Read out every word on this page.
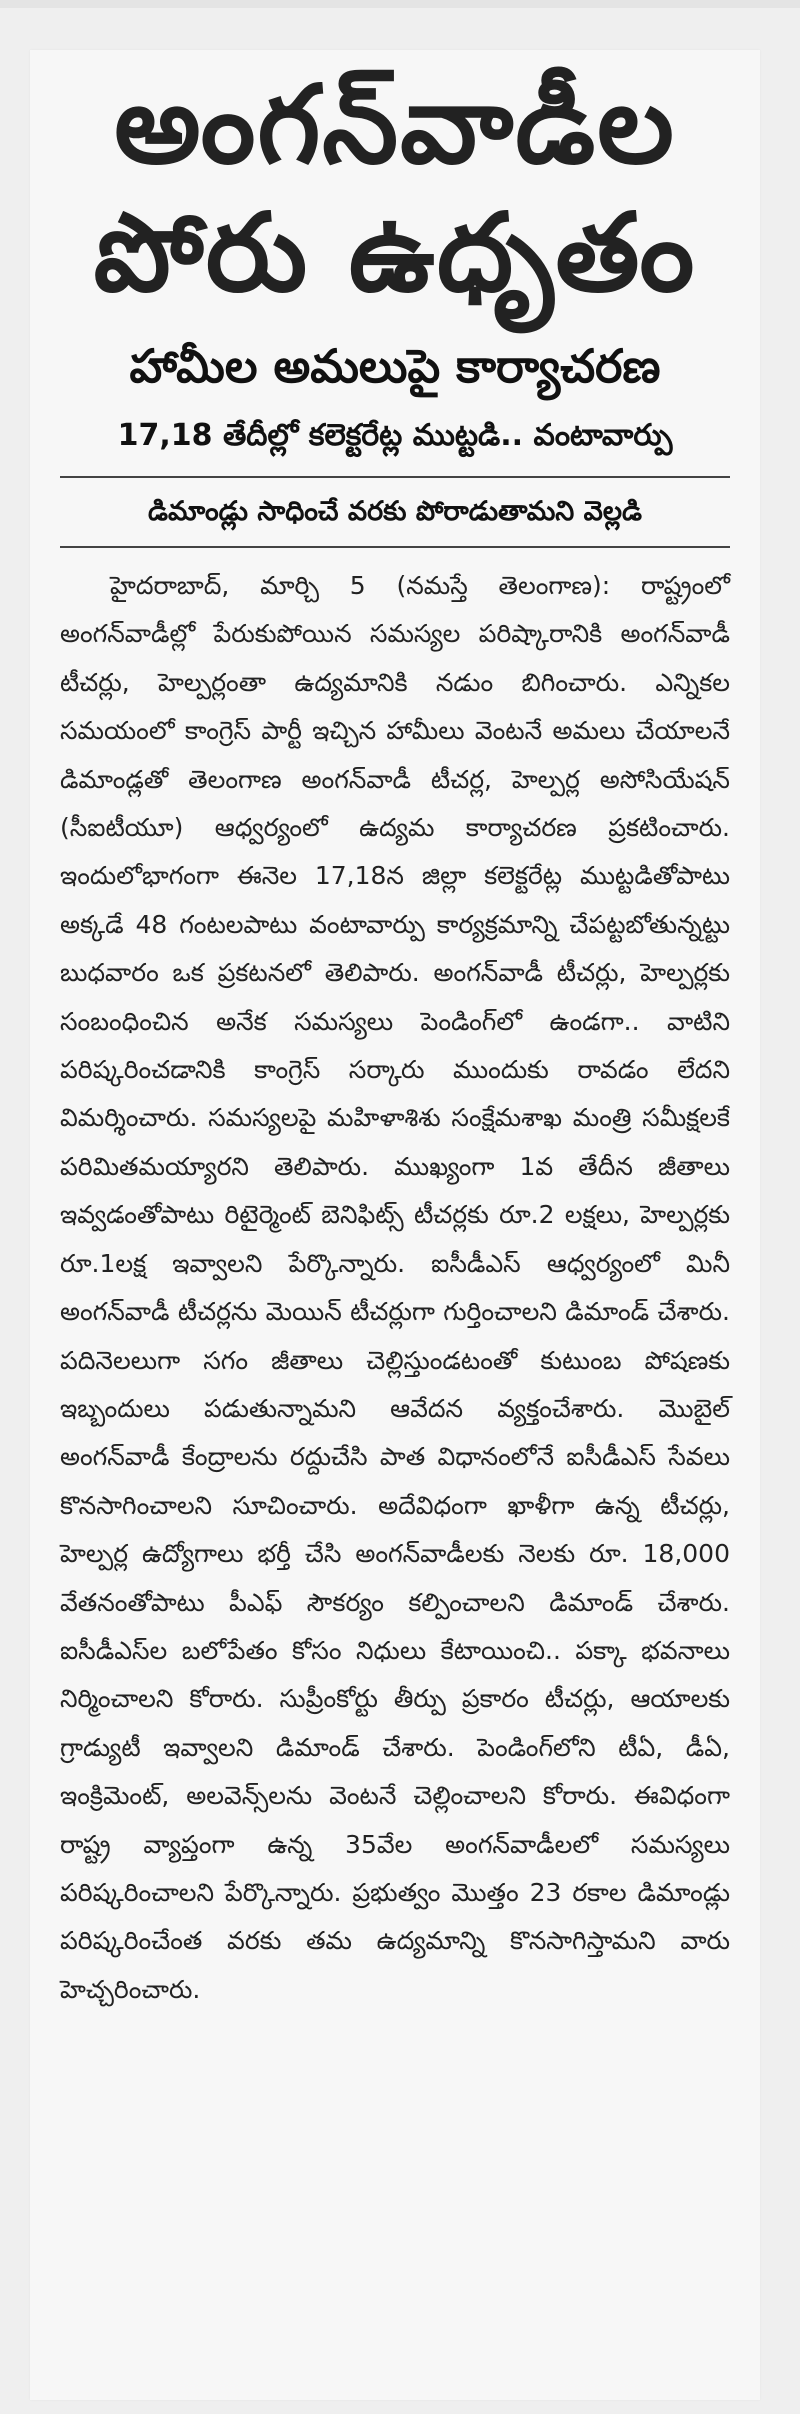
అంగన్‌వాడీల
పోరు ఉధృతం
హామీల అమలుపై కార్యాచరణ
17,18 తేదీల్లో కలెక్టరేట్ల ముట్టడి.. వంటావార్పు
డిమాండ్లు సాధించే వరకు పోరాడుతామని వెల్లడి

హైదరాబాద్‌, మార్చి 5 (నమస్తే తెలంగాణ): రాష్ట్రంలో అంగన్‌వాడీల్లో పేరుకుపోయిన సమస్యల పరిష్కారానికి అంగన్‌వాడీ టీచర్లు, హెల్పర్లంతా ఉద్యమానికి నడుం బిగించారు. ఎన్నికల సమయంలో కాంగ్రెస్‌ పార్టీ ఇచ్చిన హామీలు వెంటనే అమలు చేయాలనే డిమాండ్లతో తెలంగాణ అంగన్‌వాడీ టీచర్ల, హెల్పర్ల అసోసియేషన్‌ (సీఐటీయూ) ఆధ్వర్యంలో ఉద్యమ కార్యాచరణ ప్రకటించారు. ఇందులోభాగంగా ఈనెల 17,18న జిల్లా కలెక్టరేట్ల ముట్టడితోపాటు అక్కడే 48 గంటలపాటు వంటావార్పు కార్యక్రమాన్ని చేపట్టబోతున్నట్టు బుధవారం ఒక ప్రకటనలో తెలిపారు. అంగన్‌వాడీ టీచర్లు, హెల్పర్లకు సంబంధించిన అనేక సమస్యలు పెండింగ్‌లో ఉండగా.. వాటిని పరిష్కరించడానికి కాంగ్రెస్‌ సర్కారు ముందుకు రావడం లేదని విమర్శించారు. సమస్యలపై మహిళాశిశు సంక్షేమశాఖ మంత్రి సమీక్షలకే పరిమితమయ్యారని తెలిపారు. ముఖ్యంగా 1వ తేదీన జీతాలు ఇవ్వడంతోపాటు రిటైర్మెంట్‌ బెనిఫిట్స్‌ టీచర్లకు రూ.2 లక్షలు, హెల్పర్లకు రూ.1లక్ష ఇవ్వాలని పేర్కొన్నారు. ఐసీడీఎస్‌ ఆధ్వర్యంలో మినీ అంగన్‌వాడీ టీచర్లను మెయిన్‌ టీచర్లుగా గుర్తించాలని డిమాండ్‌ చేశారు. పదినెలలుగా సగం జీతాలు చెల్లిస్తుండటంతో కుటుంబ పోషణకు ఇబ్బందులు పడుతున్నామని ఆవేదన వ్యక్తంచేశారు. మొబైల్‌ అంగన్‌వాడీ కేంద్రాలను రద్దుచేసి పాత విధానంలోనే ఐసీడీఎస్‌ సేవలు కొనసాగించాలని సూచించారు. అదేవిధంగా ఖాళీగా ఉన్న టీచర్లు, హెల్పర్ల ఉద్యోగాలు భర్తీ చేసి అంగన్‌వాడీలకు నెలకు రూ. 18,000 వేతనంతోపాటు పీఎఫ్‌ సౌకర్యం కల్పించాలని డిమాండ్‌ చేశారు. ఐసీడీఎస్‌ల బలోపేతం కోసం నిధులు కేటాయించి.. పక్కా భవనాలు నిర్మించాలని కోరారు. సుప్రీంకోర్టు తీర్పు ప్రకారం టీచర్లు, ఆయాలకు గ్రాడ్యుటీ ఇవ్వాలని డిమాండ్‌ చేశారు. పెండింగ్‌లోని టీఏ, డీఏ, ఇంక్రిమెంట్‌, అలవెన్స్‌లను వెంటనే చెల్లించాలని కోరారు. ఈవిధంగా రాష్ట్ర వ్యాప్తంగా ఉన్న 35వేల అంగన్‌వాడీలలో సమస్యలు పరిష్కరించాలని పేర్కొన్నారు. ప్రభుత్వం మొత్తం 23 రకాల డిమాండ్లు పరిష్కరించేంత వరకు తమ ఉద్యమాన్ని కొనసాగిస్తామని వారు హెచ్చరించారు.
